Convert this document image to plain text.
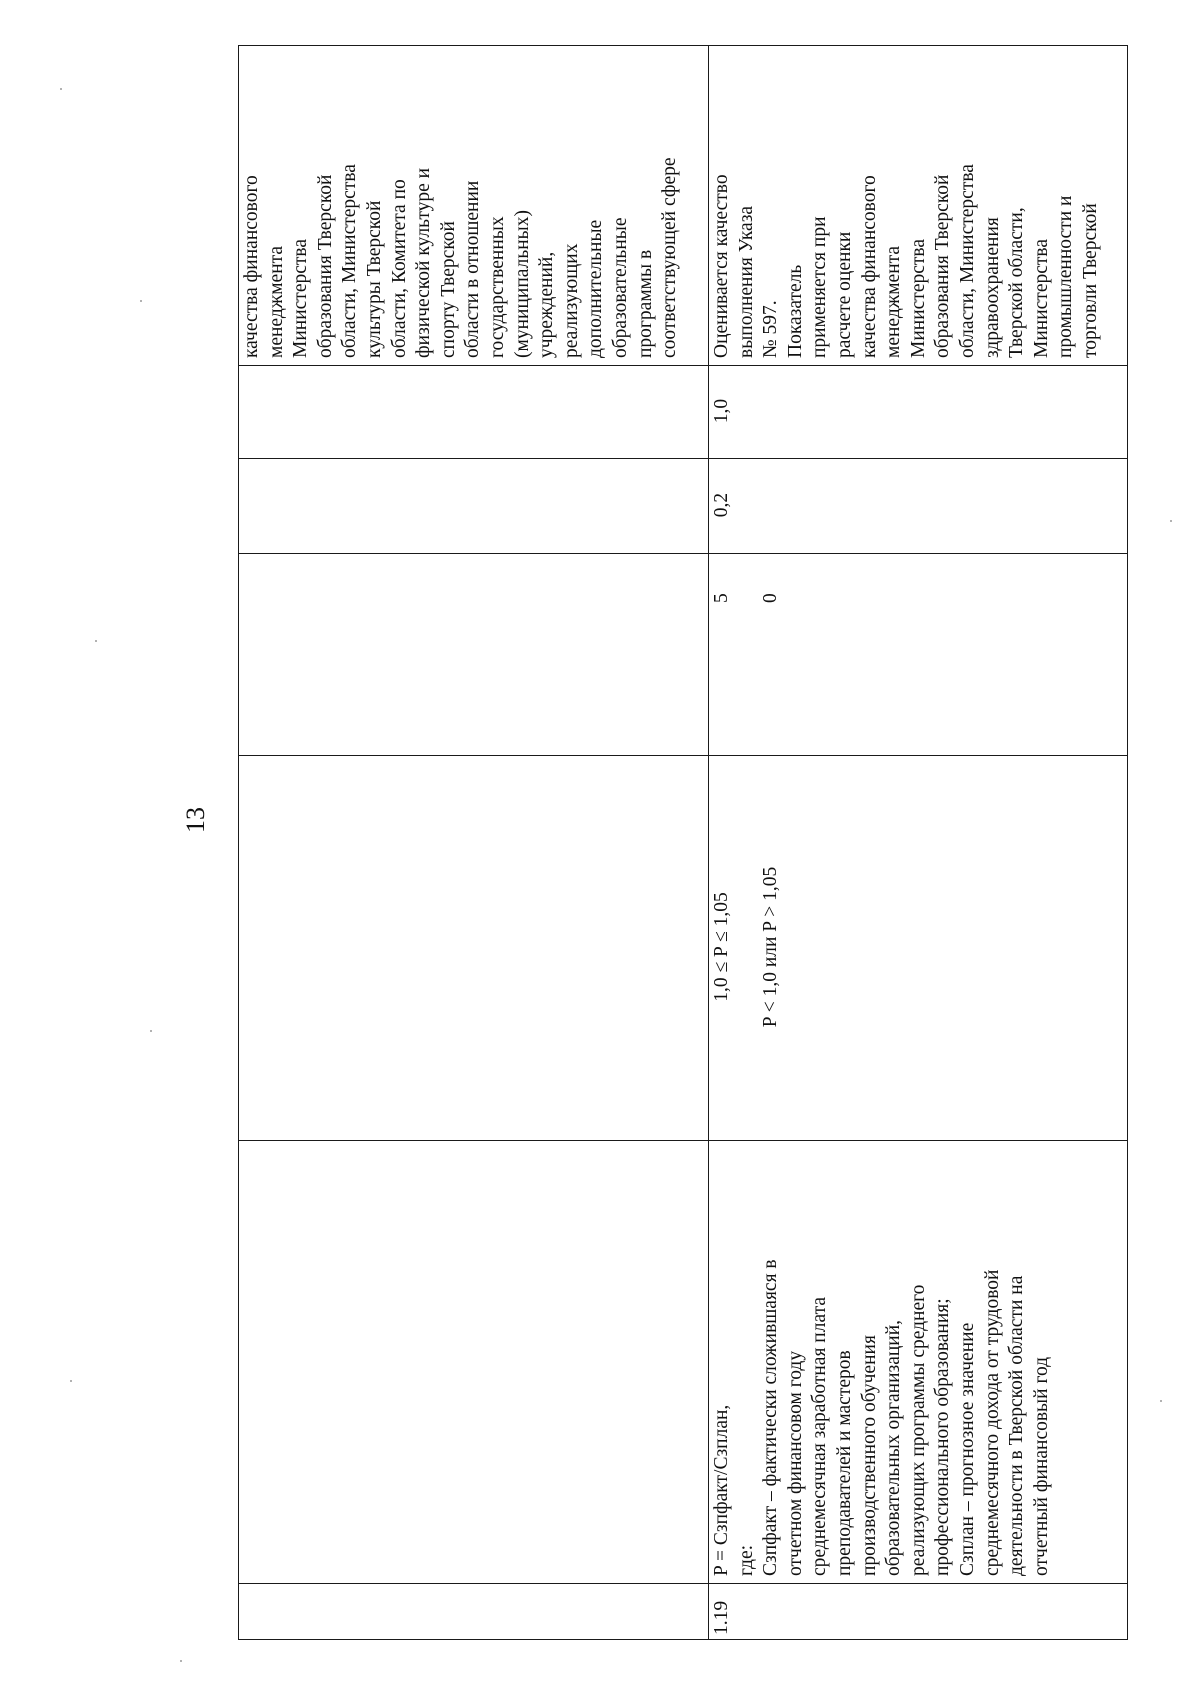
13
качества финансового
менеджмента
Министерства
образования Тверской
области, Министерства
культуры Тверской
области, Комитета по
физической культуре и
спорту Тверской
области в отношении
государственных
(муниципальных)
учреждений,
реализующих
дополнительные
образовательные
программы в
соответствующей сфере
Оценивается качество
выполнения Указа
№ 597.
Показатель
применяется при
расчете оценки
качества финансового
менеджмента
Министерства
образования Тверской
области, Министерства
здравоохранения
Тверской области,
Министерства
промышленности и
торговли Тверской
1,0
0,2
5

0
1,0 ≤ P ≤ 1,05

P < 1,0 или P > 1,05
P = Сзпфакт/Сзплан,
где:
Сзпфакт – фактически сложившаяся в
отчетном финансовом году
среднемесячная заработная плата
преподавателей и мастеров
производственного обучения
образовательных организаций,
реализующих программы среднего
профессионального образования;
Сзплан – прогнозное значение
среднемесячного дохода от трудовой
деятельности в Тверской области на
отчетный финансовый год
1.19
